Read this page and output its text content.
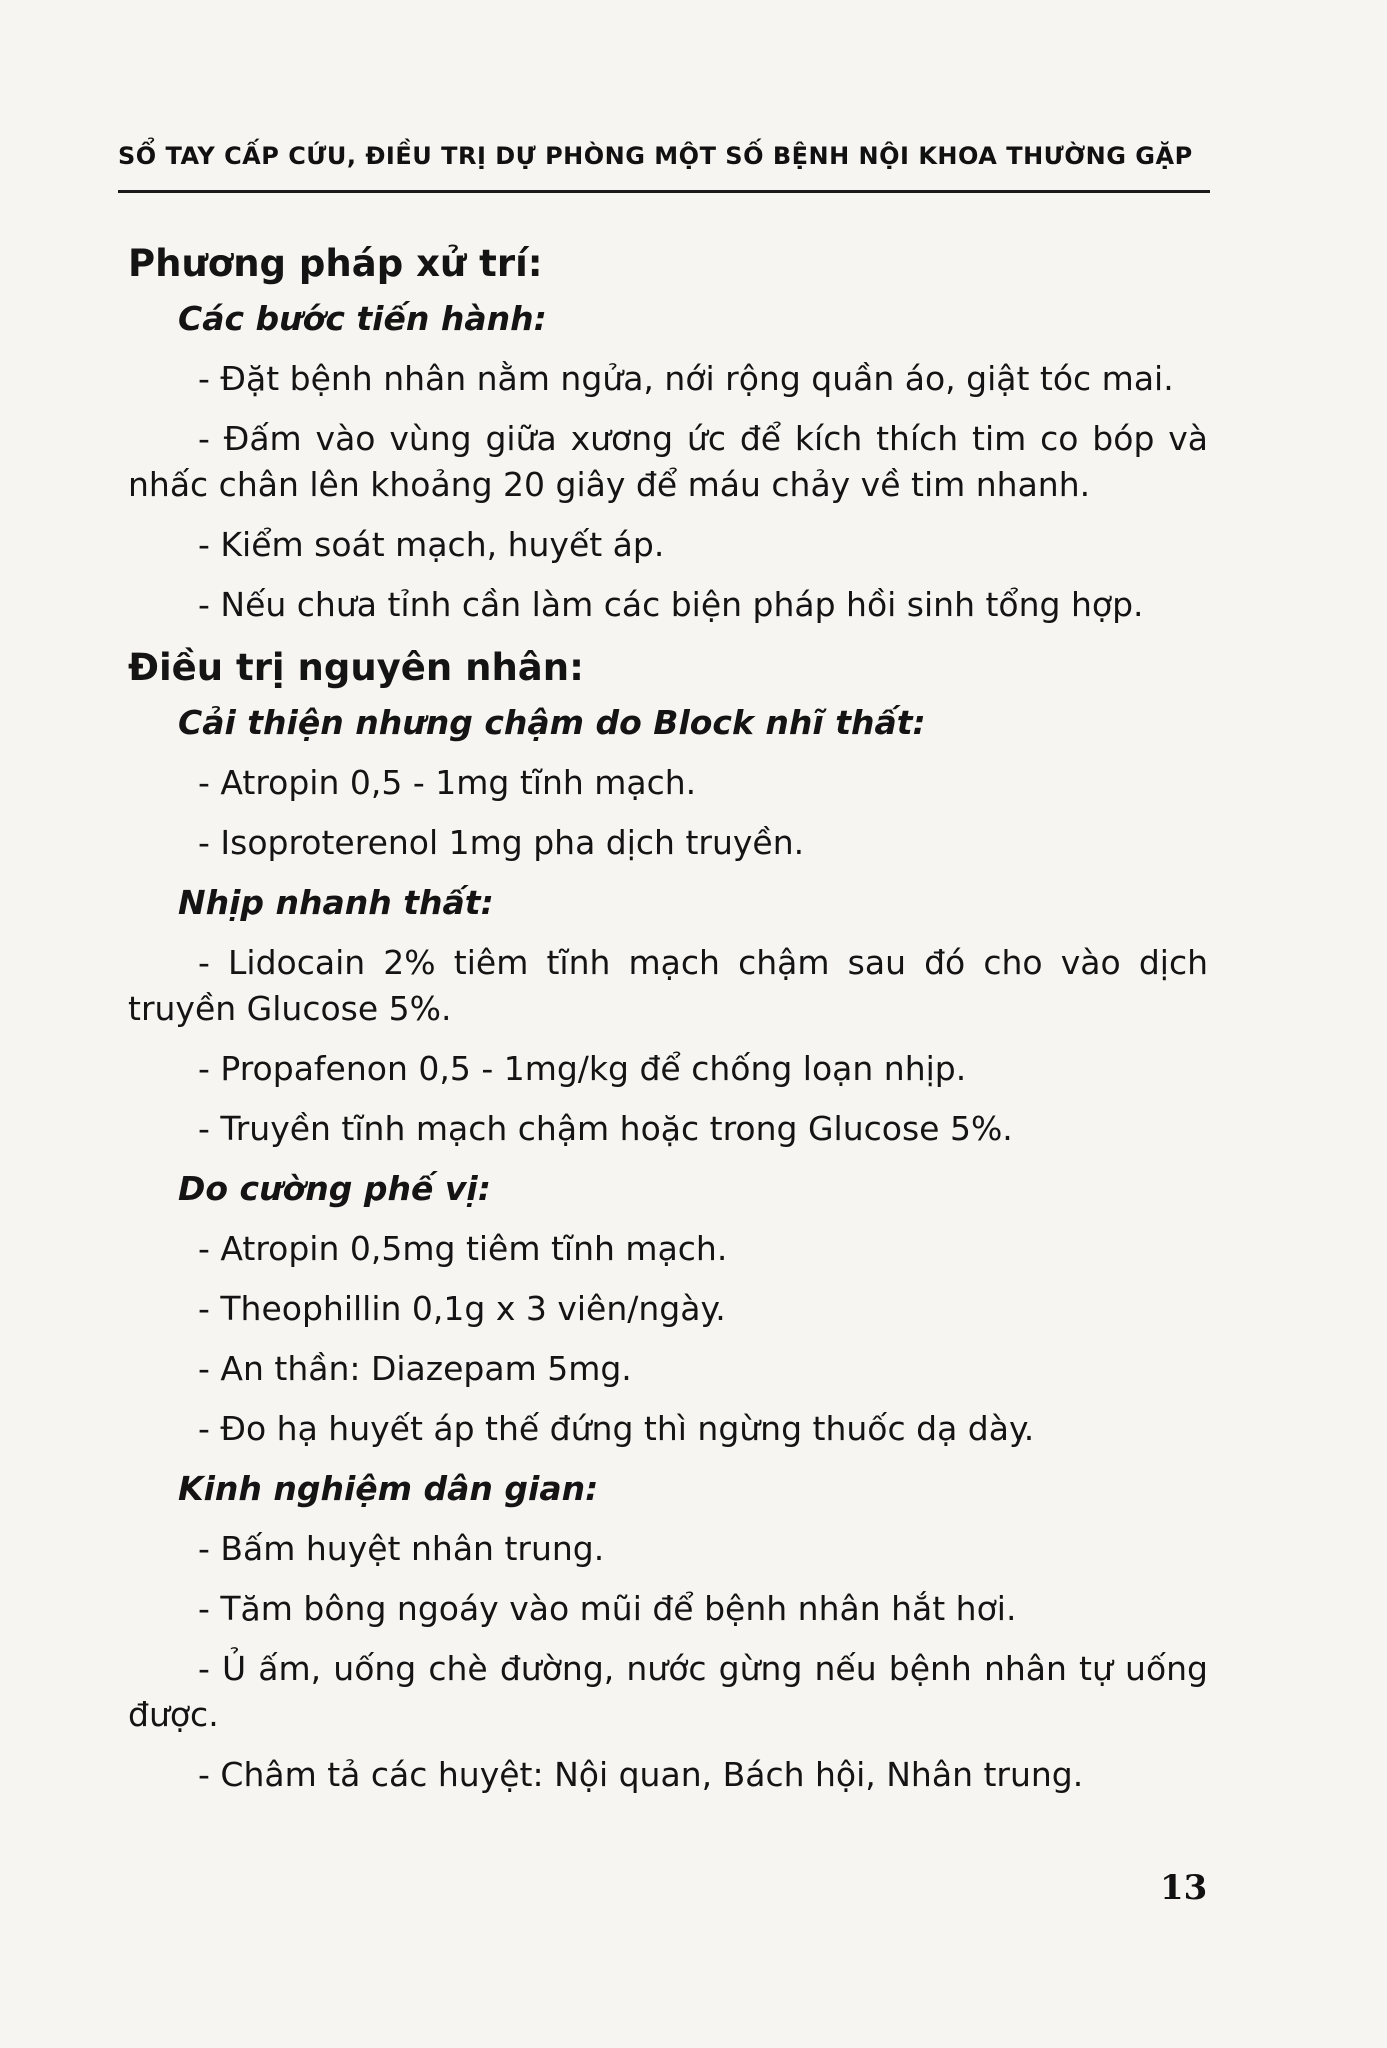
SỔ TAY CẤP CỨU, ĐIỀU TRỊ DỰ PHÒNG MỘT SỐ BỆNH NỘI KHOA THƯỜNG GẶP
Phương pháp xử trí:
Các bước tiến hành:
- Đặt bệnh nhân nằm ngửa, nới rộng quần áo, giật tóc mai.
- Đấm vào vùng giữa xương ức để kích thích tim co bóp và nhấc chân lên khoảng 20 giây để máu chảy về tim nhanh.
- Kiểm soát mạch, huyết áp.
- Nếu chưa tỉnh cần làm các biện pháp hồi sinh tổng hợp.
Điều trị nguyên nhân:
Cải thiện nhưng chậm do Block nhĩ thất:
- Atropin 0,5 - 1mg tĩnh mạch.
- Isoproterenol 1mg pha dịch truyền.
Nhịp nhanh thất:
- Lidocain 2% tiêm tĩnh mạch chậm sau đó cho vào dịch truyền Glucose 5%.
- Propafenon 0,5 - 1mg/kg để chống loạn nhịp.
- Truyền tĩnh mạch chậm hoặc trong Glucose 5%.
Do cường phế vị:
- Atropin 0,5mg tiêm tĩnh mạch.
- Theophillin 0,1g x 3 viên/ngày.
- An thần: Diazepam 5mg.
- Đo hạ huyết áp thế đứng thì ngừng thuốc dạ dày.
Kinh nghiệm dân gian:
- Bấm huyệt nhân trung.
- Tăm bông ngoáy vào mũi để bệnh nhân hắt hơi.
- Ủ ấm, uống chè đường, nước gừng nếu bệnh nhân tự uống được.
- Châm tả các huyệt: Nội quan, Bách hội, Nhân trung.
13
